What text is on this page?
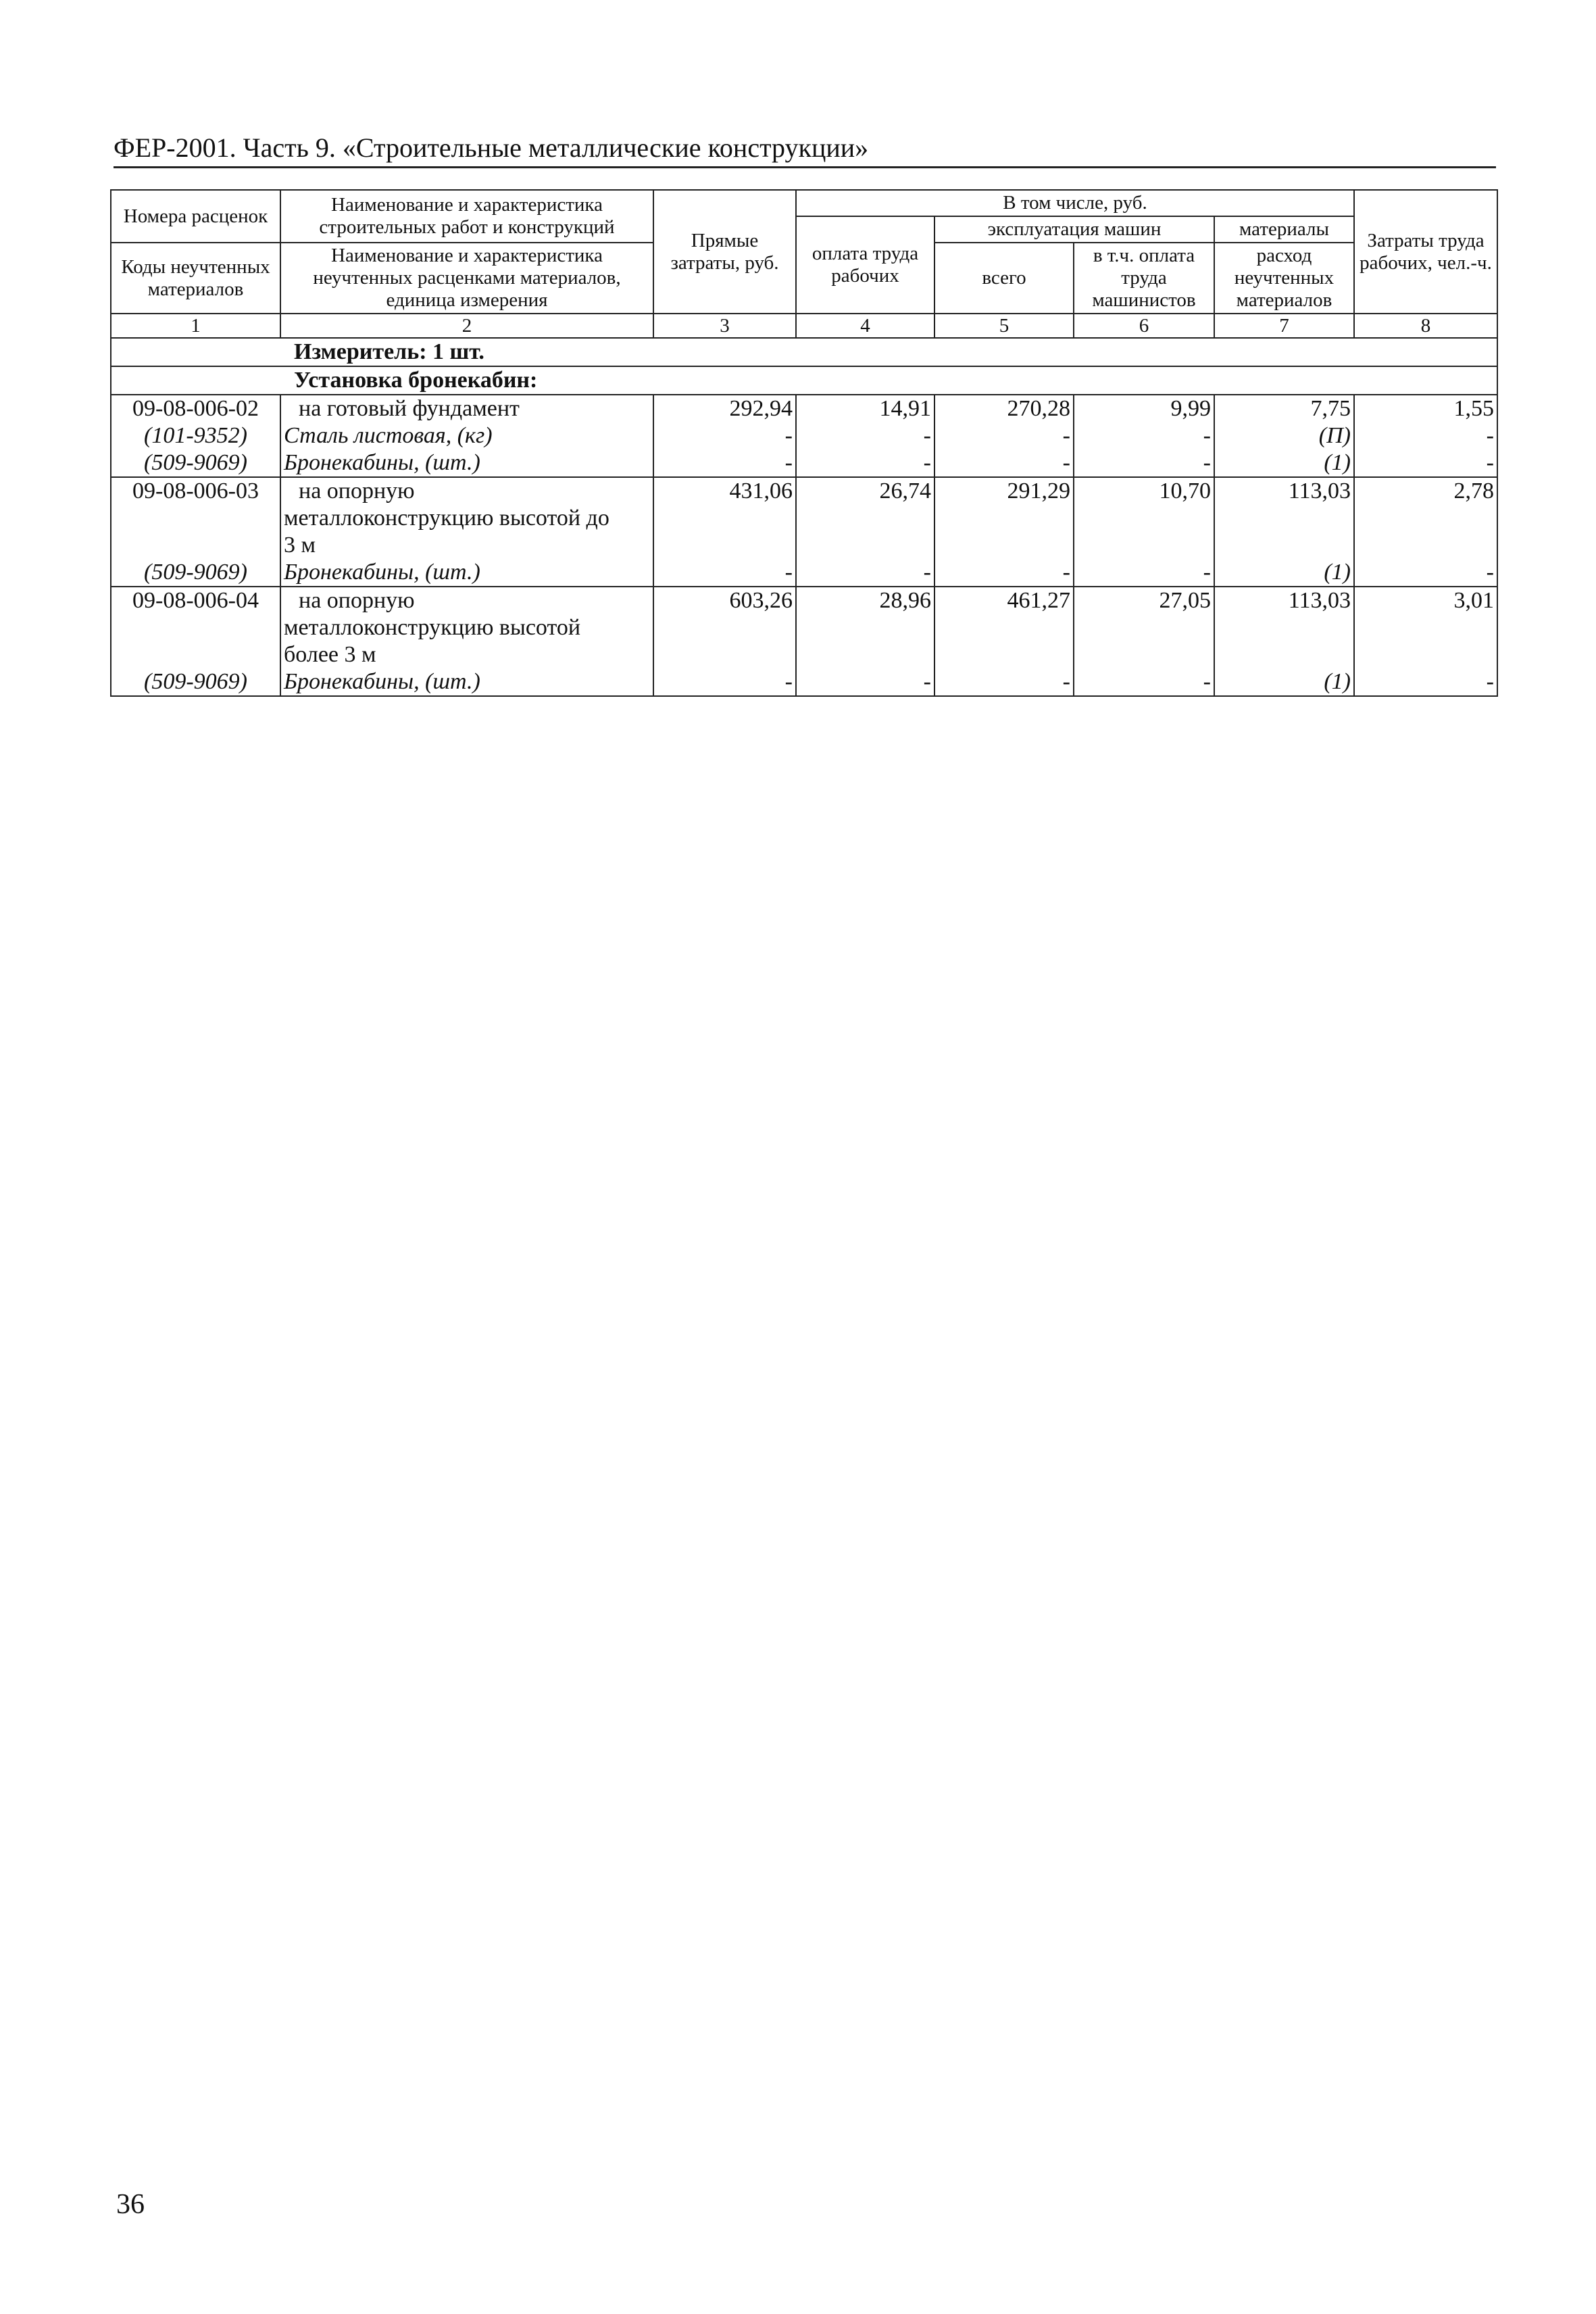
ФЕР-2001. Часть 9. «Строительные металлические конструкции»
Номера расценок	Наименование и характеристика строительных работ и конструкций	Прямые затраты, руб.	В том числе, руб.				Затраты труда рабочих, чел.-ч.
			оплата труда рабочих	эксплуатация машин		материалы	
Коды неучтенных материалов	Наименование и характеристика неучтенных расценками материалов, единица измерения			всего	в т.ч. оплата труда машинистов	расход неучтенных материалов	

1	2	3	4	5	6	7	8
Измеритель: 1 шт.							
Установка бронекабин:							
09-08-006-02	на готовый фундамент	292,94	14,91	270,28	9,99	7,75	1,55
(101-9352)	Сталь листовая, (кг)	-	-	-	-	(П)	-
(509-9069)	Бронекабины, (шт.)	-	-	-	-	(1)	-
09-08-006-03	на опорную	431,06	26,74	291,29	10,70	113,03	2,78
	металлоконструкцию высотой до						
	3 м						
(509-9069)	Бронекабины, (шт.)	-	-	-	-	(1)	-
09-08-006-04	на опорную	603,26	28,96	461,27	27,05	113,03	3,01
	металлоконструкцию высотой						
	более 3 м						
(509-9069)	Бронекабины, (шт.)	-	-	-	-	(1)	-
36
